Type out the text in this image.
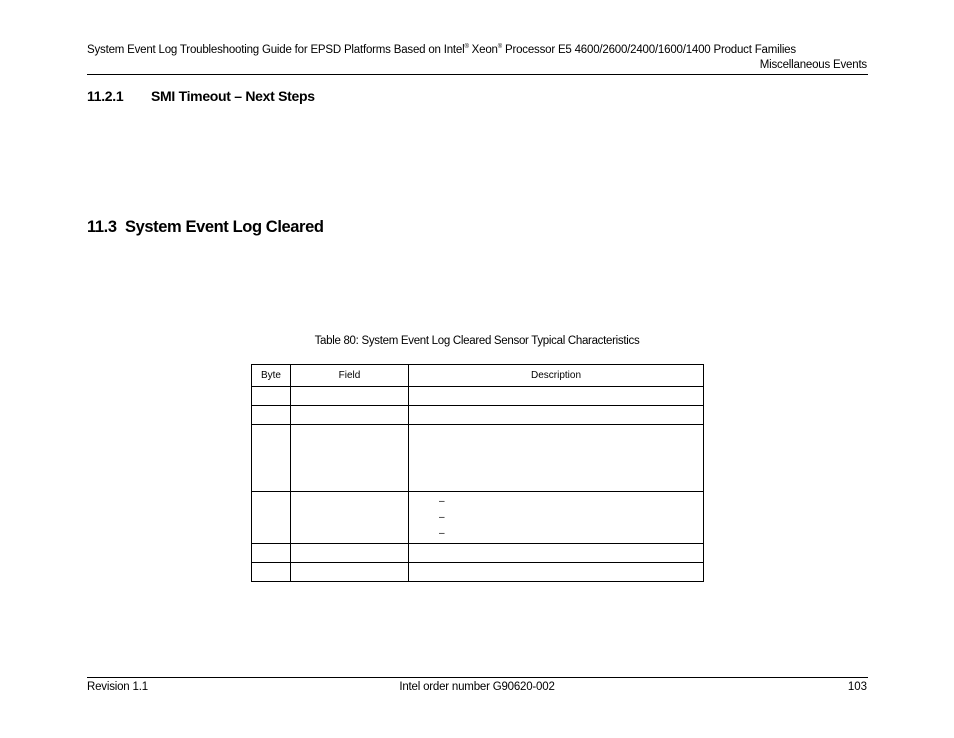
System Event Log Troubleshooting Guide for EPSD Platforms Based on Intel® Xeon® Processor E5 4600/2600/2400/1600/1400 Product Families
Miscellaneous Events
11.2.1 SMI Timeout – Next Steps
11.3 System Event Log Cleared
Table 80: System Event Log Cleared Sensor Typical Characteristics
Byte	Field	Description

		–
–
–

Revision 1.1	Intel order number G90620-002	103
